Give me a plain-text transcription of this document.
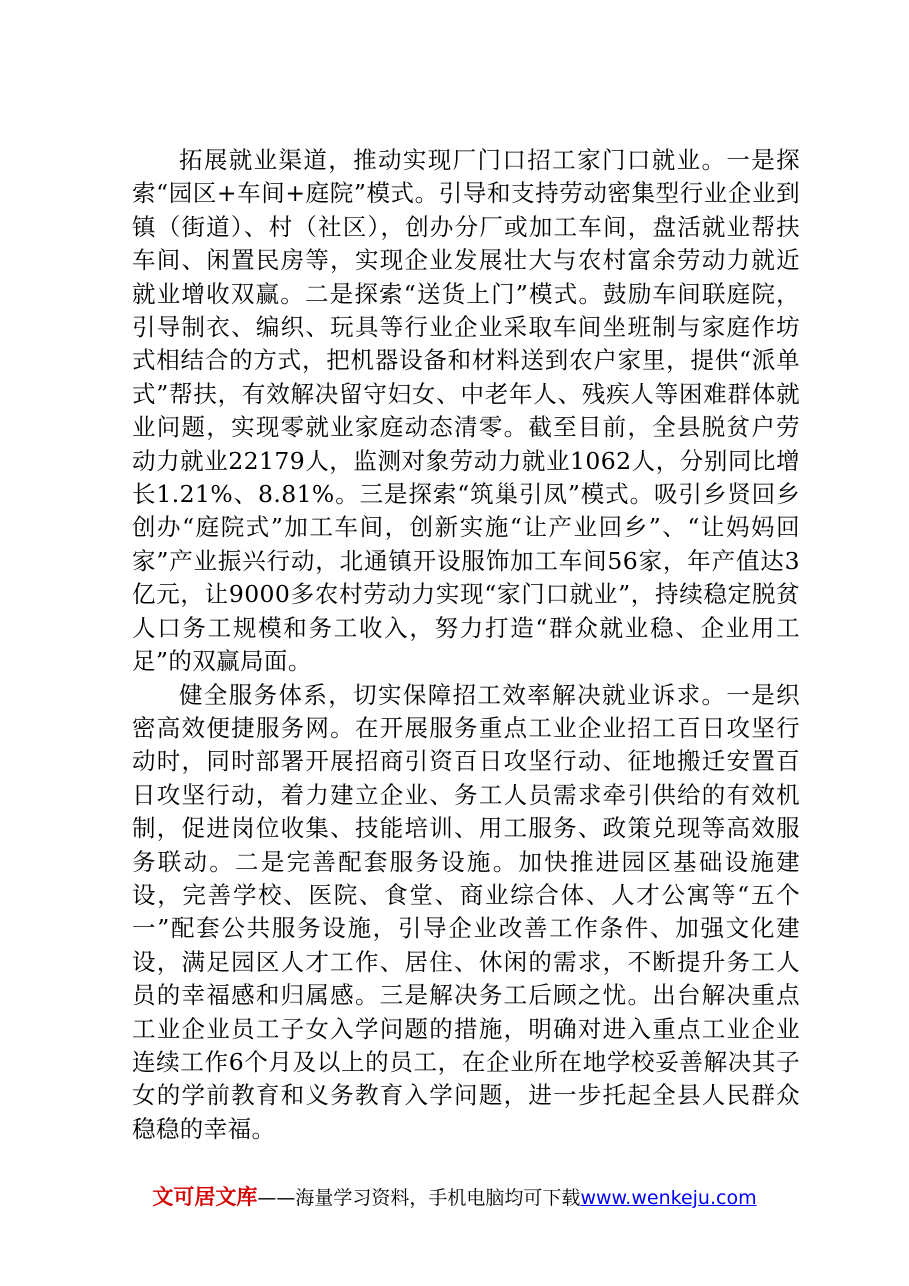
拓展就业渠道，推动实现厂门口招工家门口就业。一是探索“园区+车间+庭院”模式。引导和支持劳动密集型行业企业到镇（街道）、村（社区），创办分厂或加工车间，盘活就业帮扶车间、闲置民房等，实现企业发展壮大与农村富余劳动力就近就业增收双赢。二是探索“送货上门”模式。鼓励车间联庭院，引导制衣、编织、玩具等行业企业采取车间坐班制与家庭作坊式相结合的方式，把机器设备和材料送到农户家里，提供“派单式”帮扶，有效解决留守妇女、中老年人、残疾人等困难群体就业问题，实现零就业家庭动态清零。截至目前，全县脱贫户劳动力就业22179人，监测对象劳动力就业1062人，分别同比增长1.21%、8.81%。三是探索“筑巢引凤”模式。吸引乡贤回乡创办“庭院式”加工车间，创新实施“让产业回乡”、“让妈妈回家”产业振兴行动，北通镇开设服饰加工车间56家，年产值达3亿元，让9000多农村劳动力实现“家门口就业”，持续稳定脱贫人口务工规模和务工收入，努力打造“群众就业稳、企业用工足”的双赢局面。

健全服务体系，切实保障招工效率解决就业诉求。一是织密高效便捷服务网。在开展服务重点工业企业招工百日攻坚行动时，同时部署开展招商引资百日攻坚行动、征地搬迁安置百日攻坚行动，着力建立企业、务工人员需求牵引供给的有效机制，促进岗位收集、技能培训、用工服务、政策兑现等高效服务联动。二是完善配套服务设施。加快推进园区基础设施建设，完善学校、医院、食堂、商业综合体、人才公寓等“五个一”配套公共服务设施，引导企业改善工作条件、加强文化建设，满足园区人才工作、居住、休闲的需求，不断提升务工人员的幸福感和归属感。三是解决务工后顾之忧。出台解决重点工业企业员工子女入学问题的措施，明确对进入重点工业企业连续工作6个月及以上的员工，在企业所在地学校妥善解决其子女的学前教育和义务教育入学问题，进一步托起全县人民群众稳稳的幸福。

文可居文库——海量学习资料，手机电脑均可下载www.wenkeju.com
